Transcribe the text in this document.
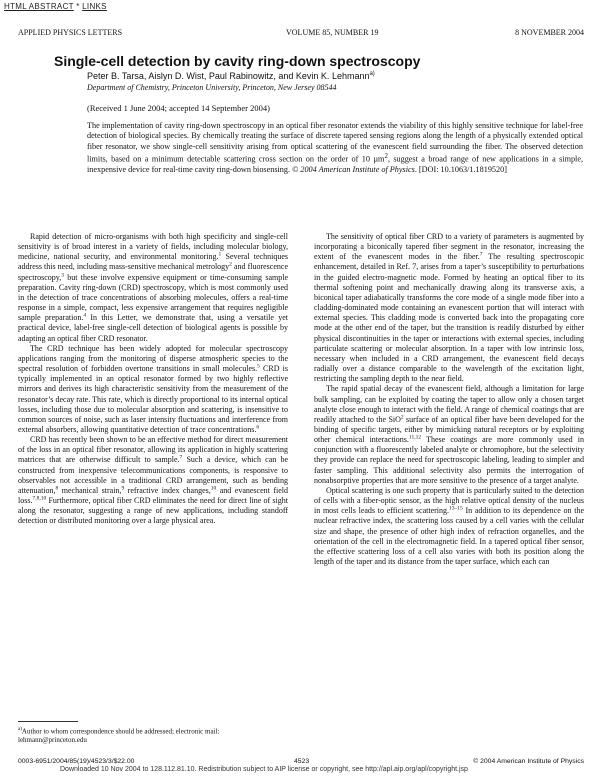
HTML ABSTRACT * LINKS
APPLIED PHYSICS LETTERS	VOLUME 85, NUMBER 19	8 NOVEMBER 2004
Single-cell detection by cavity ring-down spectroscopy
Peter B. Tarsa, Aislyn D. Wist, Paul Rabinowitz, and Kevin K. Lehmann$^{a)}$
Department of Chemistry, Princeton University, Princeton, New Jersey 08544
(Received 1 June 2004; accepted 14 September 2004)
The implementation of cavity ring-down spectroscopy in an optical fiber resonator extends the viability of this highly sensitive technique for label-free detection of biological species. By chemically treating the surface of discrete tapered sensing regions along the length of a physically extended optical fiber resonator, we show single-cell sensitivity arising from optical scattering of the evanescent field surrounding the fiber. The observed detection limits, based on a minimum detectable scattering cross section on the order of 10 µm$^2$, suggest a broad range of new applications in a simple, inexpensive device for real-time cavity ring-down biosensing. © 2004 American Institute of Physics. [DOI: 10.1063/1.1819520]

Rapid detection of micro-organisms with both high specificity and single-cell sensitivity is of broad interest in a variety of fields, including molecular biology, medicine, national security, and environmental monitoring.$^1$ Several techniques address this need, including mass-sensitive mechanical metrology$^2$ and fluorescence spectroscopy,$^3$ but these involve expensive equipment or time-consuming sample preparation. Cavity ring-down (CRD) spectroscopy, which is most commonly used in the detection of trace concentrations of absorbing molecules, offers a real-time response in a simple, compact, less expensive arrangement that requires negligible sample preparation.$^4$ In this Letter, we demonstrate that, using a versatile yet practical device, label-free single-cell detection of biological agents is possible by adapting an optical fiber CRD resonator.

The CRD technique has been widely adopted for molecular spectroscopy applications ranging from the monitoring of disperse atmospheric species to the spectral resolution of forbidden overtone transitions in small molecules.$^5$ CRD is typically implemented in an optical resonator formed by two highly reflective mirrors and derives its high characteristic sensitivity from the measurement of the resonator’s decay rate. This rate, which is directly proportional to its internal optical losses, including those due to molecular absorption and scattering, is insensitive to common sources of noise, such as laser intensity fluctuations and interference from external absorbers, allowing quantitative detection of trace concentrations.$^6$

CRD has recently been shown to be an effective method for direct measurement of the loss in an optical fiber resonator, allowing its application in highly scattering matrices that are otherwise difficult to sample.$^7$ Such a device, which can be constructed from inexpensive telecommunications components, is responsive to observables not accessible in a traditional CRD arrangement, such as bending attenuation,$^8$ mechanical strain,$^9$ refractive index changes,$^{10}$ and evanescent field loss.$^{7,8,10}$ Furthermore, optical fiber CRD eliminates the need for direct line of sight along the resonator, suggesting a range of new applications, including standoff detection or distributed monitoring over a large physical area.

The sensitivity of optical fiber CRD to a variety of parameters is augmented by incorporating a biconically tapered fiber segment in the resonator, increasing the extent of the evanescent modes in the fiber.$^7$ The resulting spectroscopic enhancement, detailed in Ref. 7, arises from a taper’s susceptibility to perturbations in the guided electro-magnetic mode. Formed by heating an optical fiber to its thermal softening point and mechanically drawing along its transverse axis, a biconical taper adiabatically transforms the core mode of a single mode fiber into a cladding-dominated mode containing an evanescent portion that will interact with external species. This cladding mode is converted back into the propagating core mode at the other end of the taper, but the transition is readily disturbed by either physical discontinuities in the taper or interactions with external species, including particulate scattering or molecular absorption. In a taper with low intrinsic loss, necessary when included in a CRD arrangement, the evanescent field decays radially over a distance comparable to the wavelength of the excitation light, restricting the sampling depth to the near field.

The rapid spatial decay of the evanescent field, although a limitation for large bulk sampling, can be exploited by coating the taper to allow only a chosen target analyte close enough to interact with the field. A range of chemical coatings that are readily attached to the SiO$^2$ surface of an optical fiber have been developed for the binding of specific targets, either by mimicking natural receptors or by exploiting other chemical interactions.$^{11,12}$ These coatings are more commonly used in conjunction with a fluorescently labeled analyte or chromophore, but the selectivity they provide can replace the need for spectroscopic labeling, leading to simpler and faster sampling. This additional selectivity also permits the interrogation of nonabsorptive properties that are more sensitive to the presence of a target analyte.

Optical scattering is one such property that is particularly suited to the detection of cells with a fiber-optic sensor, as the high relative optical density of the nucleus in most cells leads to efficient scattering.$^{13-15}$ In addition to its dependence on the nuclear refractive index, the scattering loss caused by a cell varies with the cellular size and shape, the presence of other high index of refraction organelles, and the orientation of the cell in the electromagnetic field. In a tapered optical fiber sensor, the effective scattering loss of a cell also varies with both its position along the length of the taper and its distance from the taper surface, which each can

$^{a)}$Author to whom correspondence should be addressed; electronic mail: lehmann@princeton.edu
0003-6951/2004/85(19)/4523/3/$22.00	4523	© 2004 American Institute of Physics
Downloaded 10 Nov 2004 to 128.112.81.10. Redistribution subject to AIP license or copyright, see http://apl.aip.org/apl/copyright.jsp
